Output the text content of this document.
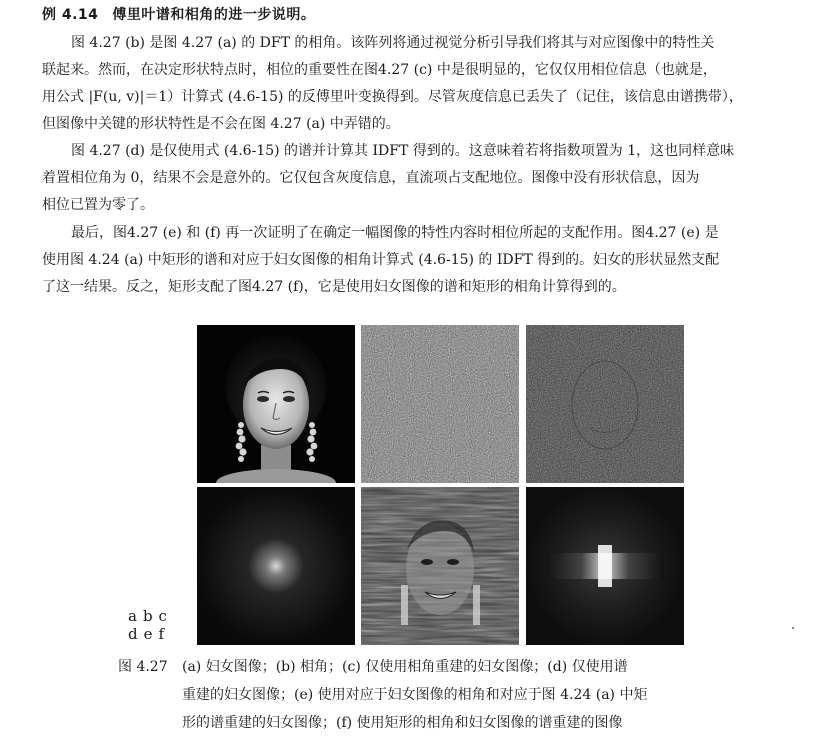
例 4.14 傅里叶谱和相角的进一步说明。

图 4.27 (b) 是图 4.27 (a) 的 DFT 的相角。该阵列将通过视觉分析引导我们将其与对应图像中的特性关
联起来。然而，在决定形状特点时，相位的重要性在图4.27 (c) 中是很明显的，它仅仅用相位信息（也就是，
用公式 |F(u, v)|＝1）计算式 (4.6-15) 的反傅里叶变换得到。尽管灰度信息已丢失了（记住，该信息由谱携带），
但图像中关键的形状特性是不会在图 4.27 (a) 中弄错的。

图 4.27 (d) 是仅使用式 (4.6-15) 的谱并计算其 IDFT 得到的。这意味着若将指数项置为 1，这也同样意味
着置相位角为 0，结果不会是意外的。它仅包含灰度信息，直流项占支配地位。图像中没有形状信息，因为
相位已置为零了。

最后，图4.27 (e) 和 (f) 再一次证明了在确定一幅图像的特性内容时相位所起的支配作用。图4.27 (e) 是
使用图 4.24 (a) 中矩形的谱和对应于妇女图像的相角计算式 (4.6-15) 的 IDFT 得到的。妇女的形状显然支配
了这一结果。反之，矩形支配了图4.27 (f)，它是使用妇女图像的谱和矩形的相角计算得到的。

abc
def
图 4.27 (a) 妇女图像；(b) 相角；(c) 仅使用相角重建的妇女图像；(d) 仅使用谱
重建的妇女图像；(e) 使用对应于妇女图像的相角和对应于图 4.24 (a) 中矩
形的谱重建的妇女图像；(f) 使用矩形的相角和妇女图像的谱重建的图像
